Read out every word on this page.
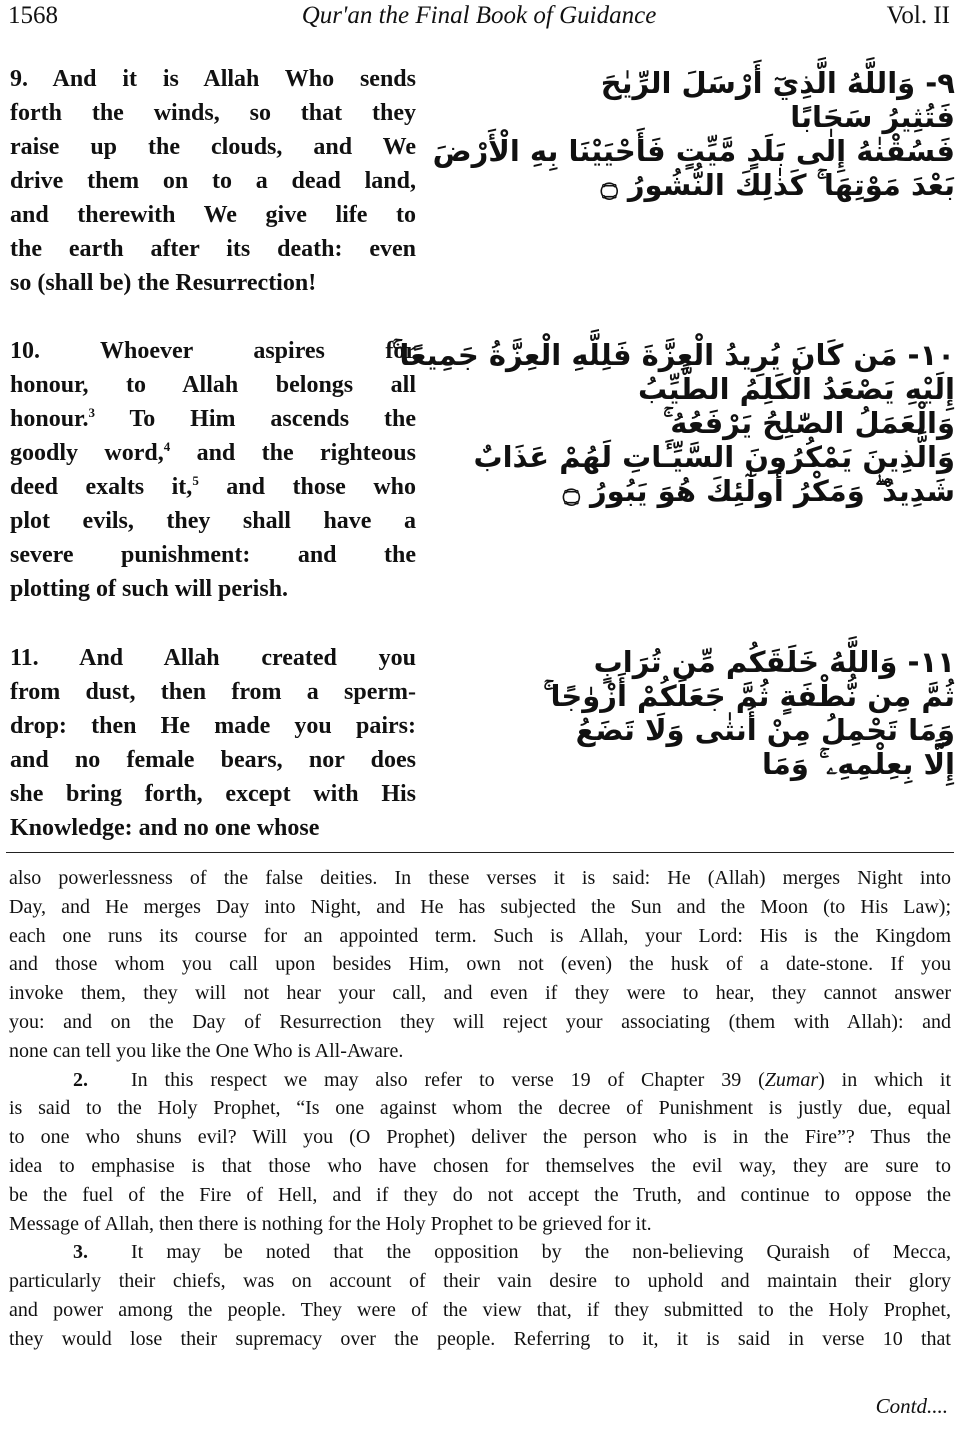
1568	Qur'an the Final Book of Guidance	Vol. II
9. And it is Allah Who sends
forth the winds, so that they
raise up the clouds, and We
drive them on to a dead land,
and therewith We give life to
the earth after its death: even
so (shall be) the Resurrection!
٩- وَاللَّهُ الَّذِيٓ أَرْسَلَ الرِّيٰحَ
فَتُثِيرُ سَحَابًا
فَسُقْنٰهُ إِلٰى بَلَدٍ مَّيِّتٍ فَأَحْيَيْنَا بِهِ الْأَرْضَ
بَعْدَ مَوْتِهَا ۚ كَذٰلِكَ النُّشُورُ ۝
10. Whoever aspires for
honour, to Allah belongs all
honour.$^3$ To Him ascends the
goodly word,$^4$ and the righteous
deed exalts it,$^5$ and those who
plot evils, they shall have a
severe punishment: and the
plotting of such will perish.
١٠- مَن كَانَ يُرِيدُ الْعِزَّةَ فَلِلَّهِ الْعِزَّةُ جَمِيعًا ۚ
إِلَيْهِ يَصْعَدُ الْكَلِمُ الطَّيِّبُ
وَالْعَمَلُ الصّٰلِحُ يَرْفَعُهُ ۚ
وَالَّذِينَ يَمْكُرُونَ السَّيِّـَٔاتِ لَهُمْ عَذَابٌ
شَدِيدٌ ۖ وَمَكْرُ أُولٰٓئِكَ هُوَ يَبُورُ ۝
11. And Allah created you
from dust, then from a sperm-
drop: then He made you pairs:
and no female bears, nor does
she bring forth, except with His
Knowledge: and no one whose
١١- وَاللَّهُ خَلَقَكُم مِّن تُرَابٍ
ثُمَّ مِن نُّطْفَةٍ ثُمَّ جَعَلَكُمْ أَزْوٰجًا ۚ
وَمَا تَحْمِلُ مِنْ أُنثٰى وَلَا تَضَعُ
إِلَّا بِعِلْمِهِۦ ۚ وَمَا
also powerlessness of the false deities. In these verses it is said: He (Allah) merges Night into
Day, and He merges Day into Night, and He has subjected the Sun and the Moon (to His Law);
each one runs its course for an appointed term. Such is Allah, your Lord: His is the Kingdom
and those whom you call upon besides Him, own not (even) the husk of a date-stone. If you
invoke them, they will not hear your call, and even if they were to hear, they cannot answer
you: and on the Day of Resurrection they will reject your associating (them with Allah): and
none can tell you like the One Who is All-Aware.
2. In this respect we may also refer to verse 19 of Chapter 39 (Zumar) in which it
is said to the Holy Prophet, “Is one against whom the decree of Punishment is justly due, equal
to one who shuns evil? Will you (O Prophet) deliver the person who is in the Fire”? Thus the
idea to emphasise is that those who have chosen for themselves the evil way, they are sure to
be the fuel of the Fire of Hell, and if they do not accept the Truth, and continue to oppose the
Message of Allah, then there is nothing for the Holy Prophet to be grieved for it.
3. It may be noted that the opposition by the non-believing Quraish of Mecca,
particularly their chiefs, was on account of their vain desire to uphold and maintain their glory
and power among the people. They were of the view that, if they submitted to the Holy Prophet,
they would lose their supremacy over the people. Referring to it, it is said in verse 10 that
Contd....
